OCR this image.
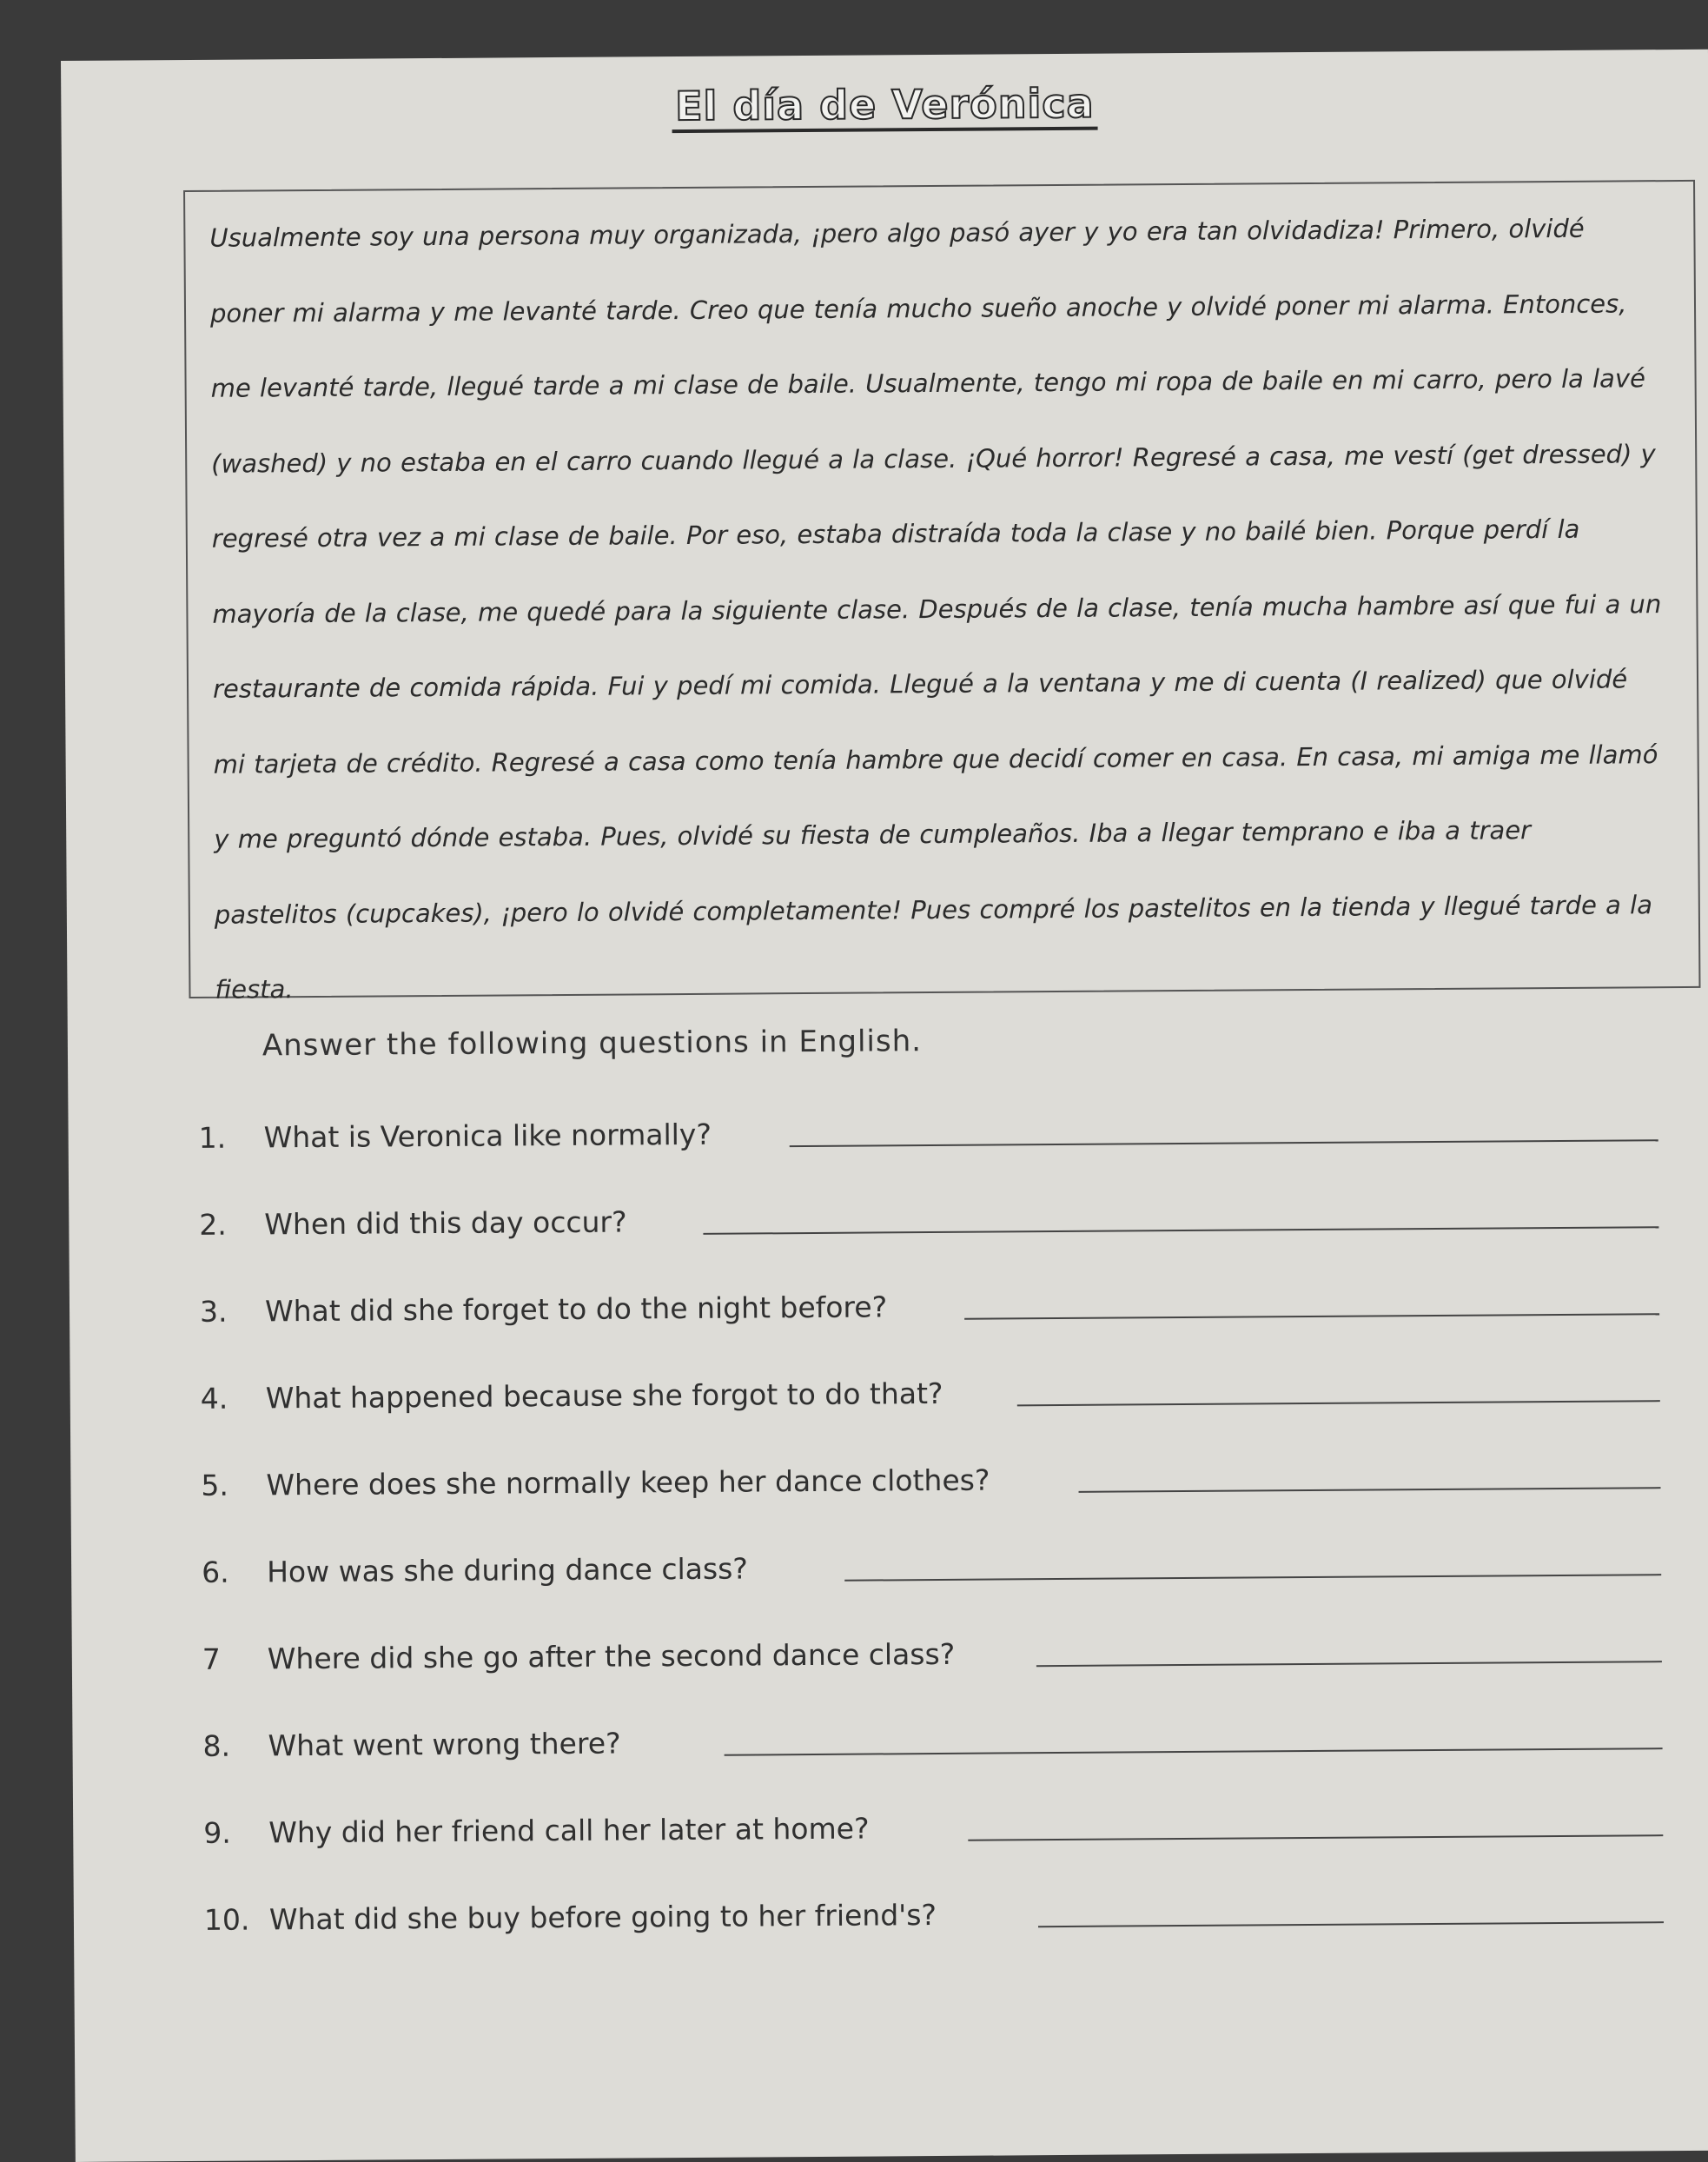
El día de Verónica
Usualmente soy una persona muy organizada, ¡pero algo pasó ayer y yo era tan olvidadiza! Primero, olvidé
poner mi alarma y me levanté tarde. Creo que tenía mucho sueño anoche y olvidé poner mi alarma. Entonces,
me levanté tarde, llegué tarde a mi clase de baile. Usualmente, tengo mi ropa de baile en mi carro, pero la lavé
(washed) y no estaba en el carro cuando llegué a la clase. ¡Qué horror! Regresé a casa, me vestí (get dressed) y
regresé otra vez a mi clase de baile. Por eso, estaba distraída toda la clase y no bailé bien. Porque perdí la
mayoría de la clase, me quedé para la siguiente clase. Después de la clase, tenía mucha hambre así que fui a un
restaurante de comida rápida. Fui y pedí mi comida. Llegué a la ventana y me di cuenta (I realized) que olvidé
mi tarjeta de crédito. Regresé a casa como tenía hambre que decidí comer en casa. En casa, mi amiga me llamó
y me preguntó dónde estaba. Pues, olvidé su fiesta de cumpleaños. Iba a llegar temprano e iba a traer
pastelitos (cupcakes), ¡pero lo olvidé completamente! Pues compré los pastelitos en la tienda y llegué tarde a la
fiesta.
Answer the following questions in English.
1. What is Veronica like normally?
2. When did this day occur?
3. What did she forget to do the night before?
4. What happened because she forgot to do that?
5. Where does she normally keep her dance clothes?
6. How was she during dance class?
7 Where did she go after the second dance class?
8. What went wrong there?
9. Why did her friend call her later at home?
10. What did she buy before going to her friend's?
